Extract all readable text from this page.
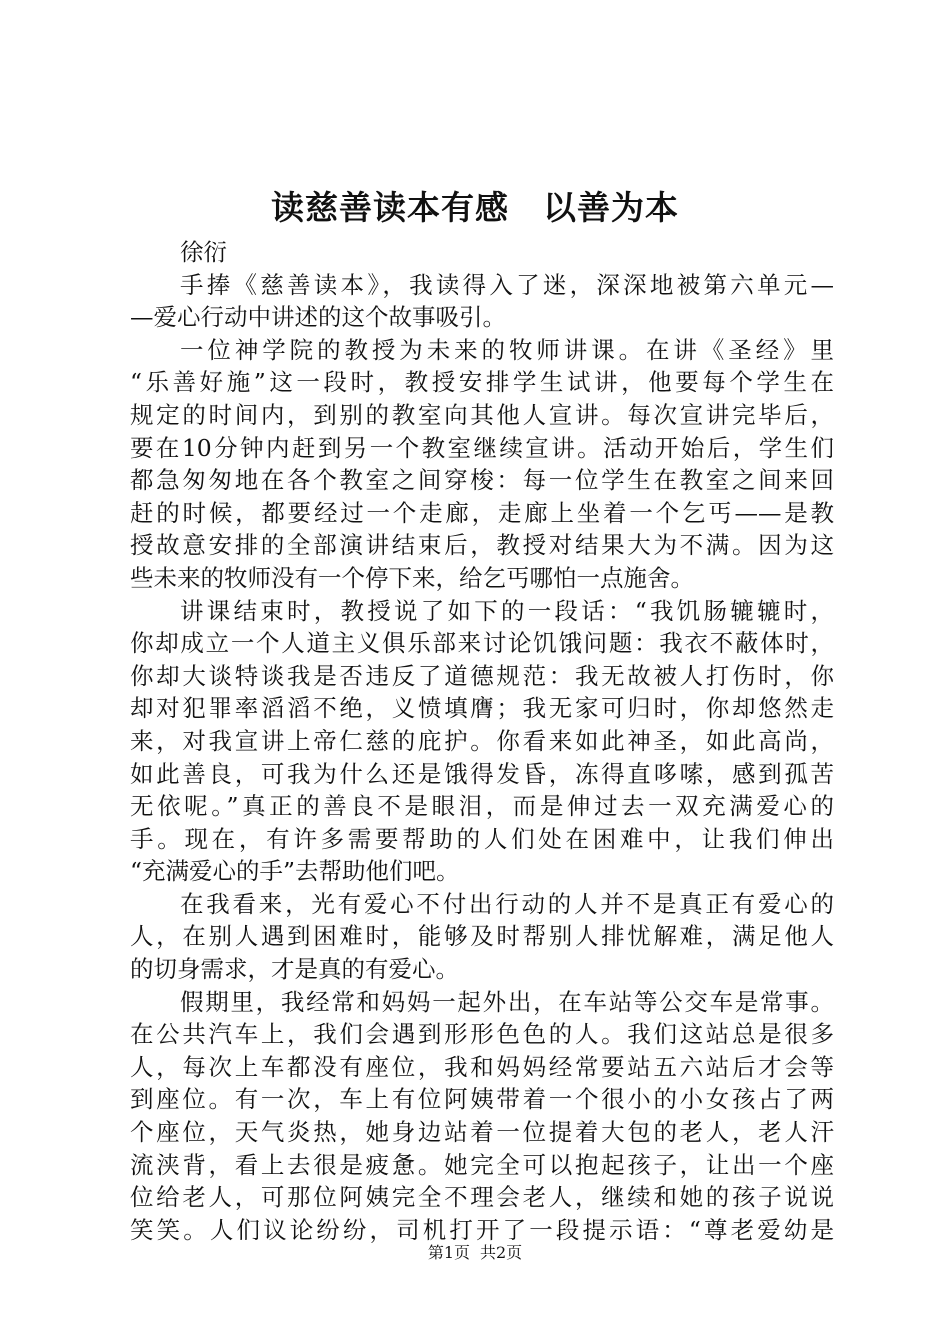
读慈善读本有感 以善为本
徐衍
手捧《慈善读本》，我读得入了迷，深深地被第六单元—
—爱心行动中讲述的这个故事吸引。
一位神学院的教授为未来的牧师讲课。在讲《圣经》里
“乐善好施”这一段时，教授安排学生试讲，他要每个学生在
规定的时间内，到别的教室向其他人宣讲。每次宣讲完毕后，
要在10分钟内赶到另一个教室继续宣讲。活动开始后，学生们
都急匆匆地在各个教室之间穿梭：每一位学生在教室之间来回
赶的时候，都要经过一个走廊，走廊上坐着一个乞丐——是教
授故意安排的全部演讲结束后，教授对结果大为不满。因为这
些未来的牧师没有一个停下来，给乞丐哪怕一点施舍。
讲课结束时，教授说了如下的一段话：“我饥肠辘辘时，
你却成立一个人道主义俱乐部来讨论饥饿问题：我衣不蔽体时，
你却大谈特谈我是否违反了道德规范：我无故被人打伤时，你
却对犯罪率滔滔不绝，义愤填膺；我无家可归时，你却悠然走
来，对我宣讲上帝仁慈的庇护。你看来如此神圣，如此高尚，
如此善良，可我为什么还是饿得发昏，冻得直哆嗦，感到孤苦
无依呢。”真正的善良不是眼泪，而是伸过去一双充满爱心的
手。现在，有许多需要帮助的人们处在困难中，让我们伸出
“充满爱心的手”去帮助他们吧。
在我看来，光有爱心不付出行动的人并不是真正有爱心的
人，在别人遇到困难时，能够及时帮别人排忧解难，满足他人
的切身需求，才是真的有爱心。
假期里，我经常和妈妈一起外出，在车站等公交车是常事。
在公共汽车上，我们会遇到形形色色的人。我们这站总是很多
人，每次上车都没有座位，我和妈妈经常要站五六站后才会等
到座位。有一次，车上有位阿姨带着一个很小的小女孩占了两
个座位，天气炎热，她身边站着一位提着大包的老人，老人汗
流浃背，看上去很是疲惫。她完全可以抱起孩子，让出一个座
位给老人，可那位阿姨完全不理会老人，继续和她的孩子说说
笑笑。人们议论纷纷，司机打开了一段提示语：“尊老爱幼是
第1页 共2页
